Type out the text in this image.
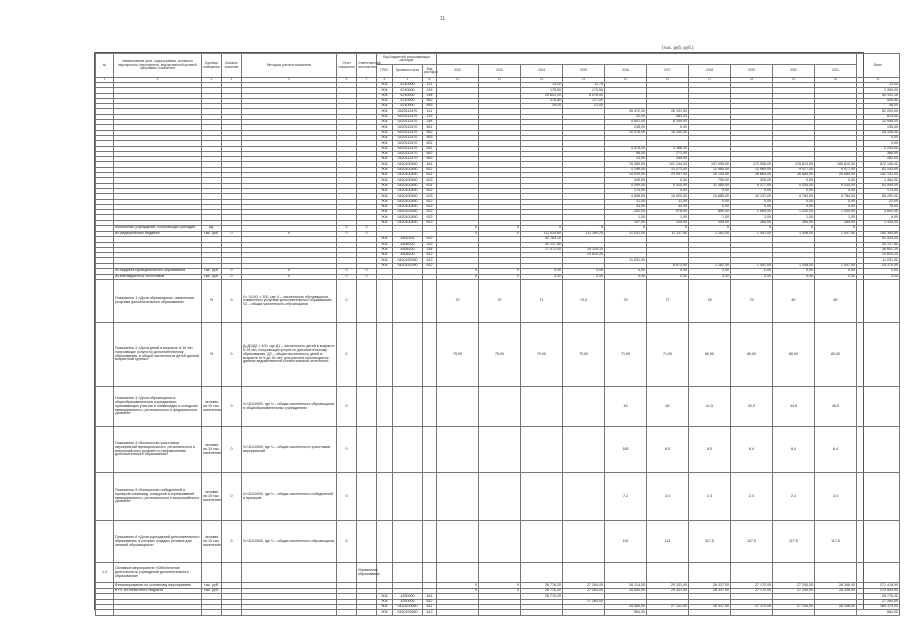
11
(тыс. руб. руб.)
№	Наименование цели, подпрограммы, основного мероприятия, мероприятия, ведомственной целевой программы, показателя	Единица измерения	Базовое значение	Методика расчета показателя	Отчет показателя	Ответственный исполнитель	Код бюджетной классификации расходов													Всего
							ГРБС	Целевая статья	Вид расходов	2012	2013	2014	2015	2016	2017	2018	2019	2020	2021	
1	2	3	4	5	6	7	8	9	10	11	12	13	14	15	16	17	18	19	20	21
							904	6740000	111			13,00	11,75							13,00
							904	6740000	119			176,00	174,96							1 395,00
							904	6740000	244			24 841,10	8 076,00							54 101,10
							904	6740000	852			378,60	127,00							505,60
							904	6740000	853			25,00	21,00							46,00
							904	0420112470	111					26 072,00	26 131,00					52 203,00
							904	0420112470	119					31,00	583,00					614,00
							904	0420112470	244					4 601,00	8 345,00					12 946,00
							904	0420112470	851					135,00	0,00					135,00
							904	0420112470	852					10 076,00	16 350,00					26 426,00
							904	0420112470	853											0,00
							904	0420112470	831											0,00
							904	0420112470	841					4 876,00	4 368,00					9 244,00
							904	0420112470	842					98,00	271,00					369,00
							904	0420112470	853					13,00	269,00					282,00
							904	0420100450	611					76 085,00	101 244,00	157 099,00	173 055,00	178 813,00	185 810,00	872 106,00
							904	0420100450	612					4 196,00	13 073,00	12 960,00	12 960,00	9 477,00	9 477,00	62 143,00
							904	0420100450	621					14 939,00	20 997,00	26 144,00	26 684,00	26 684,00	26 684,00	142 132,00
							904	0420100450	622					349,00	0,00	790,00	325,00	0,00	0,00	1 464,00
							904	0420100450	631					4 099,00	9 320,00	11 385,00	9 377,00	9 434,00	9 434,00	53 049,00
							904	0420100450	632					173,00	0,00	0,00	0,00	0,00	0,00	173,00
							904	0420100450	633					4 808,00	10 002,00	10 685,00	10 137,00	9 784,00	9 784,00	55 200,00
							904	0420100450	612					11,00	11,00	0,00	0,00	0,00	0,00	22,00
							904	0420100450	622					33,00	42,00	0,00	0,00	0,00	0,00	75,00
							904	0420100450	632					342,00	576,00	650,00	1 064,00	1 030,00	1 030,00	4 692,00
							904	0420100450	633					1,00	1,00	1,00	1,00	1,00	1,00	6,00
							904	0420100450	613					147,00	245,00	259,00	264,00	264,00	264,00	1 443,00
	Количество учреждений, получающих субсидии	ед.			0	0				0	0	0	0	0	0	0	0	0	0	
	из федерального бюджета	тыс. руб.	0	0	0	0				0	0	111 419,60	111 169,20	11 031,00	11 137,00	1 281,00	1 451,00	1 448,00	1 447,00	150 384,80
							904	4502100	612			92 763,10								51 434,20
							904	4508100	322			40 137,80								40 137,80
							904	4508100	244			17 472,00	19 129,10							36 601,10
							904	4508100	612				14 810,20							14 810,20
							904	0420153390	612					11 031,00						11 031,00
							904	0420153390	612						8 673,00	1 281,00	1 451,00	1 448,00	1 447,00	14 370,00
	из бюджета муниципального образования	тыс. руб.	0	0	0	0				0	0	0,00	0,00	0,00	0,00	0,00	0,00	0,00	0,00	0,00
	из внебюджетных источников	тыс. руб.	0	0	0	0				0	0	0,00	0,00	0,00	0,00	0,00	0,00	0,00	0,00	0,00
	Показатель 1 «Доля обучающихся, охваченных услугами дополнительного образования»	%	0	Ч= Ч1/Ч2 × 100, где Ч – численность обучающихся, охваченных услугами дополнительного образования; Ч1 – общая численность обучающихся	0					70	70	71	74,5	76	77	78	79	80	80	
	Показатель 2 «Доля детей в возрасте 5-18 лет, получающих услуги по дополнительному образованию, в общей численности детей данной возрастной группы»	%	0	Д=Д1/Д2 × 100, где Д1 – численность детей в возрасте 5-18 лет, получающих услуги по дополнительному образованию; Д2 – общая численность детей в возрасте от 5 до 18 лет; для расчета используются данные ведомственной статистической отчетности	0					75,00	75,00	79,00	79,00	71,00	71,00	80,00	80,00	80,00	80,00	
	Показатель 3 «Доля обучающихся в общеобразовательных учреждениях, принимающих участие в олимпиадах и конкурсах муниципального, регионального и федерального уровней»	человек на 10 тыс. населения	0	Ч=Ч1/10000, где Ч – общая численность обучающихся в общеобразовательных учреждениях	0									43	63	41,5	42,5	44,5	45,5	
	Показатель 4 «Количество участников мероприятий муниципального, регионального и всероссийского уровней по направлениям дополнительного образования»	человек на 10 тыс. населения	0	Ч=Ч1/10000, где Ч – общая численность участников мероприятий	0									180	8,0	8,0	8,4	8,4	8,4	
	Показатель 5 «Количество победителей и призеров олимпиад, конкурсов и соревнований муниципального, регионального и всероссийского уровней»	человек на 10 тыс. населения	0	Ч=Ч1/10000, где Ч – общая численность победителей и призеров	0									7,2	2,4	2,4	2,4	2,4	2,4	
	Показатель 6 «Доля учреждений дополнительного образования, в которых созданы условия для занятий обучающихся»	человек на 10 тыс. населения	0	Ч=Ч1/10000, где Ч – общая численность обучающихся	0									110	114	117,5	107,5	117,5	117,5	
1.2	Основное мероприятие «Обеспечение деятельности учреждений дополнительного образования»					Управление образования														
	Финансирование по основному мероприятию	тыс. руб.								0	0	28 776,20	27 264,00	26 114,00	29 331,00	28 337,00	27 170,00	27 245,00	28 346,00	271 418,90
	в т.ч. из областного бюджета	тыс. руб.								0	0	28 776,20	27 264,00	25 550,00	29 331,00	28 337,00	27 170,00	27 245,00	28 346,00	270 854,90
							904	4250000	611			28 776,20								28 776,20
							904	4250000	612				27 264,00							27 264,00
							904	0420100590	611					25 550,00	27 131,00	28 337,00	27 170,00	27 245,00	28 346,00	164 379,00
							904	0420100590	612					564,00						564,00
